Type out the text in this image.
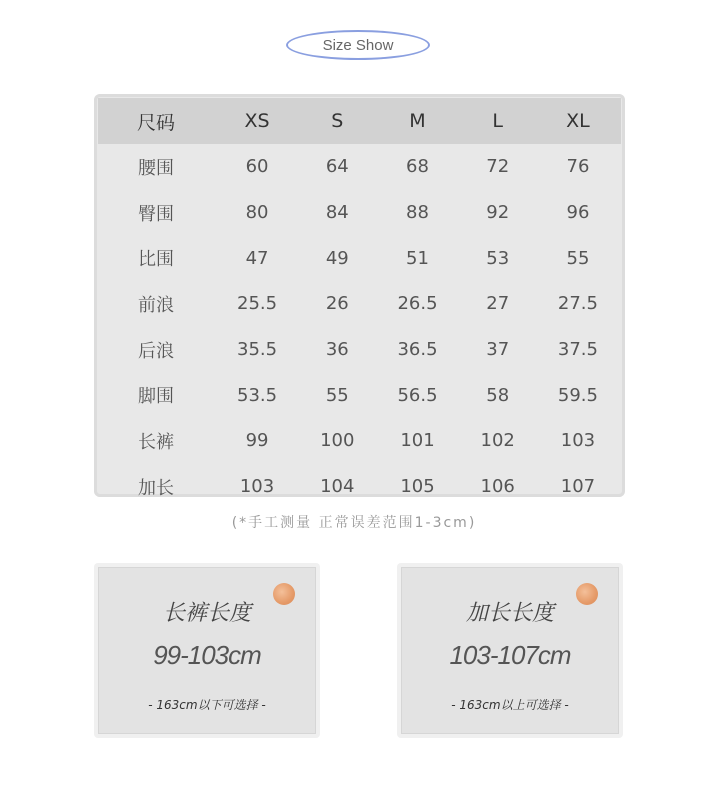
Size Show
尺码	XS	S	M	L	XL
腰围	60	64	68	72	76
臀围	80	84	88	92	96
比围	47	49	51	53	55
前浪	25.5	26	26.5	27	27.5
后浪	35.5	36	36.5	37	37.5
脚围	53.5	55	56.5	58	59.5
长裤	99	100	101	102	103
加长	103	104	105	106	107
(*手工测量 正常误差范围1-3cm)
长裤长度
99-103cm
- 163cm以下可选择 -
加长长度
103-107cm
- 163cm以上可选择 -
